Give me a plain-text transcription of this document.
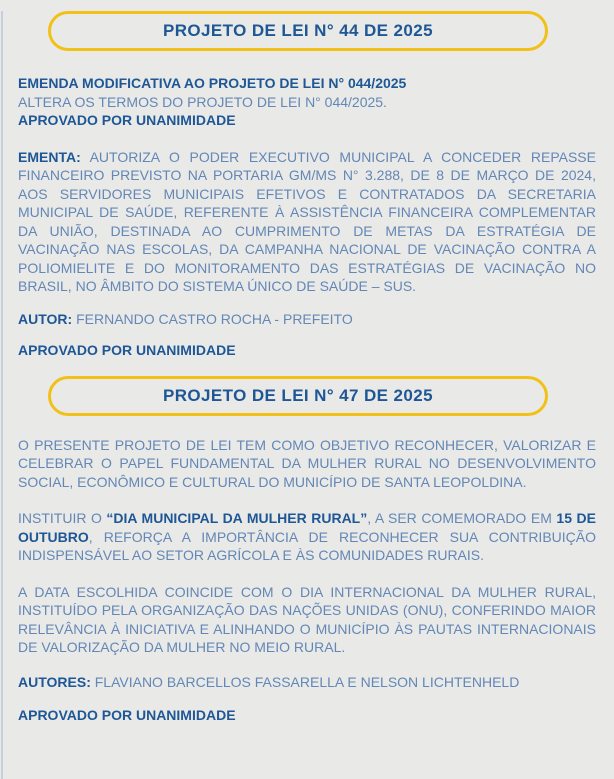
PROJETO DE LEI N° 44 DE 2025

EMENDA MODIFICATIVA AO PROJETO DE LEI N° 044/2025
ALTERA OS TERMOS DO PROJETO DE LEI N° 044/2025.
APROVADO POR UNANIMIDADE

EMENTA: AUTORIZA O PODER EXECUTIVO MUNICIPAL A CONCEDER REPASSE FINANCEIRO PREVISTO NA PORTARIA GM/MS N° 3.288, DE 8 DE MARÇO DE 2024, AOS SERVIDORES MUNICIPAIS EFETIVOS E CONTRATADOS DA SECRETARIA MUNICIPAL DE SAÚDE, REFERENTE À ASSISTÊNCIA FINANCEIRA COMPLEMENTAR DA UNIÃO, DESTINADA AO CUMPRIMENTO DE METAS DA ESTRATÉGIA DE VACINAÇÃO NAS ESCOLAS, DA CAMPANHA NACIONAL DE VACINAÇÃO CONTRA A POLIOMIELITE E DO MONITORAMENTO DAS ESTRATÉGIAS DE VACINAÇÃO NO BRASIL, NO ÂMBITO DO SISTEMA ÚNICO DE SAÚDE – SUS.

AUTOR: FERNANDO CASTRO ROCHA - PREFEITO

APROVADO POR UNANIMIDADE

PROJETO DE LEI N° 47 DE 2025

O PRESENTE PROJETO DE LEI TEM COMO OBJETIVO RECONHECER, VALORIZAR E CELEBRAR O PAPEL FUNDAMENTAL DA MULHER RURAL NO DESENVOLVIMENTO SOCIAL, ECONÔMICO E CULTURAL DO MUNICÍPIO DE SANTA LEOPOLDINA.

INSTITUIR O “DIA MUNICIPAL DA MULHER RURAL”, A SER COMEMORADO EM 15 DE OUTUBRO, REFORÇA A IMPORTÂNCIA DE RECONHECER SUA CONTRIBUIÇÃO INDISPENSÁVEL AO SETOR AGRÍCOLA E ÀS COMUNIDADES RURAIS.

A DATA ESCOLHIDA COINCIDE COM O DIA INTERNACIONAL DA MULHER RURAL, INSTITUÍDO PELA ORGANIZAÇÃO DAS NAÇÕES UNIDAS (ONU), CONFERINDO MAIOR RELEVÂNCIA À INICIATIVA E ALINHANDO O MUNICÍPIO ÀS PAUTAS INTERNACIONAIS DE VALORIZAÇÃO DA MULHER NO MEIO RURAL.

AUTORES: FLAVIANO BARCELLOS FASSARELLA E NELSON LICHTENHELD

APROVADO POR UNANIMIDADE
